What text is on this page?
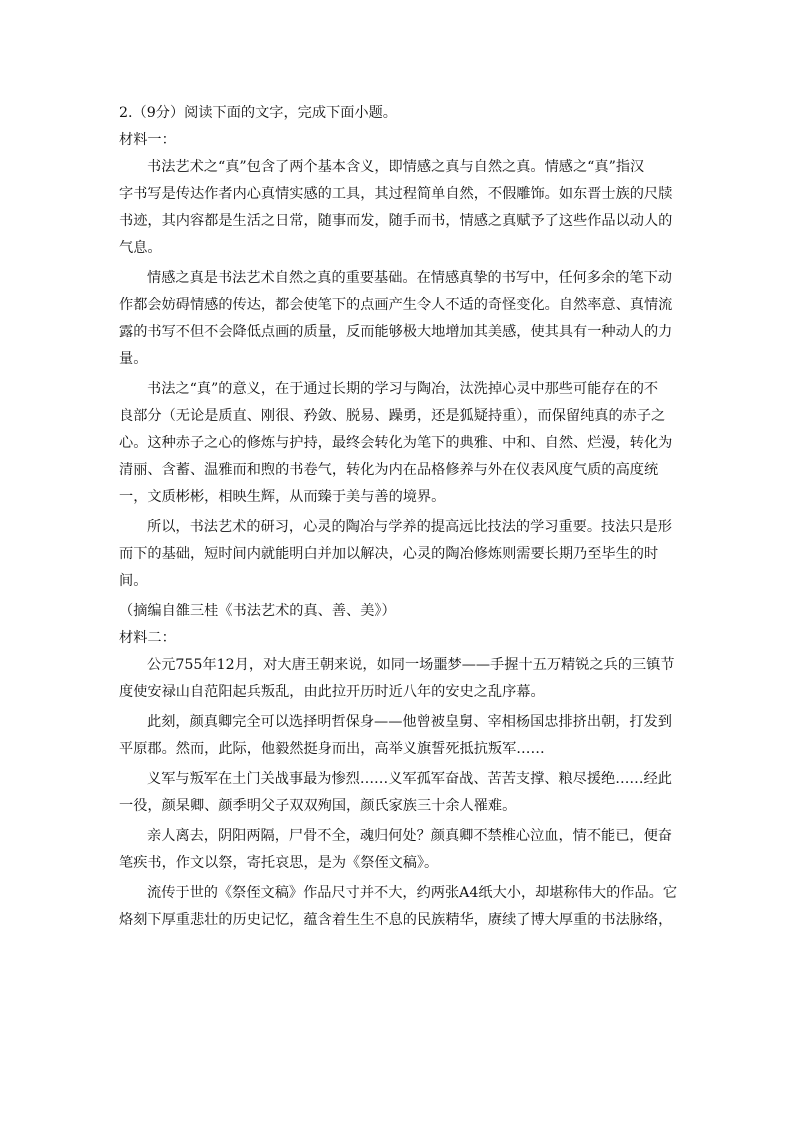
2.（9分）阅读下面的文字，完成下面小题。

材料一：

书法艺术之“真”包含了两个基本含义，即情感之真与自然之真。情感之“真”指汉

字书写是传达作者内心真情实感的工具，其过程简单自然，不假雕饰。如东晋士族的尺牍

书迹，其内容都是生活之日常，随事而发，随手而书，情感之真赋予了这些作品以动人的

气息。

情感之真是书法艺术自然之真的重要基础。在情感真挚的书写中，任何多余的笔下动

作都会妨碍情感的传达，都会使笔下的点画产生令人不适的奇怪变化。自然率意、真情流

露的书写不但不会降低点画的质量，反而能够极大地增加其美感，使其具有一种动人的力

量。

书法之“真”的意义，在于通过长期的学习与陶冶，汰洗掉心灵中那些可能存在的不

良部分（无论是质直、刚很、矜敛、脱易、躁勇，还是狐疑持重），而保留纯真的赤子之

心。这种赤子之心的修炼与护持，最终会转化为笔下的典雅、中和、自然、烂漫，转化为

清丽、含蓄、温雅而和煦的书卷气，转化为内在品格修养与外在仪表风度气质的高度统

一，文质彬彬，相映生辉，从而臻于美与善的境界。

所以，书法艺术的研习，心灵的陶冶与学养的提高远比技法的学习重要。技法只是形

而下的基础，短时间内就能明白并加以解决，心灵的陶冶修炼则需要长期乃至毕生的时

间。

（摘编自雒三桂《书法艺术的真、善、美》）

材料二：

公元755年12月，对大唐王朝来说，如同一场噩梦——手握十五万精锐之兵的三镇节

度使安禄山自范阳起兵叛乱，由此拉开历时近八年的安史之乱序幕。

此刻，颜真卿完全可以选择明哲保身——他曾被皇舅、宰相杨国忠排挤出朝，打发到

平原郡。然而，此际，他毅然挺身而出，高举义旗誓死抵抗叛军……

义军与叛军在土门关战事最为惨烈……义军孤军奋战、苦苦支撑、粮尽援绝……经此

一役，颜杲卿、颜季明父子双双殉国，颜氏家族三十余人罹难。

亲人离去，阴阳两隔，尸骨不全，魂归何处？颜真卿不禁椎心泣血，情不能已，便奋

笔疾书，作文以祭，寄托哀思，是为《祭侄文稿》。

流传于世的《祭侄文稿》作品尺寸并不大，约两张A4纸大小，却堪称伟大的作品。它

烙刻下厚重悲壮的历史记忆，蕴含着生生不息的民族精华，赓续了博大厚重的书法脉络，
